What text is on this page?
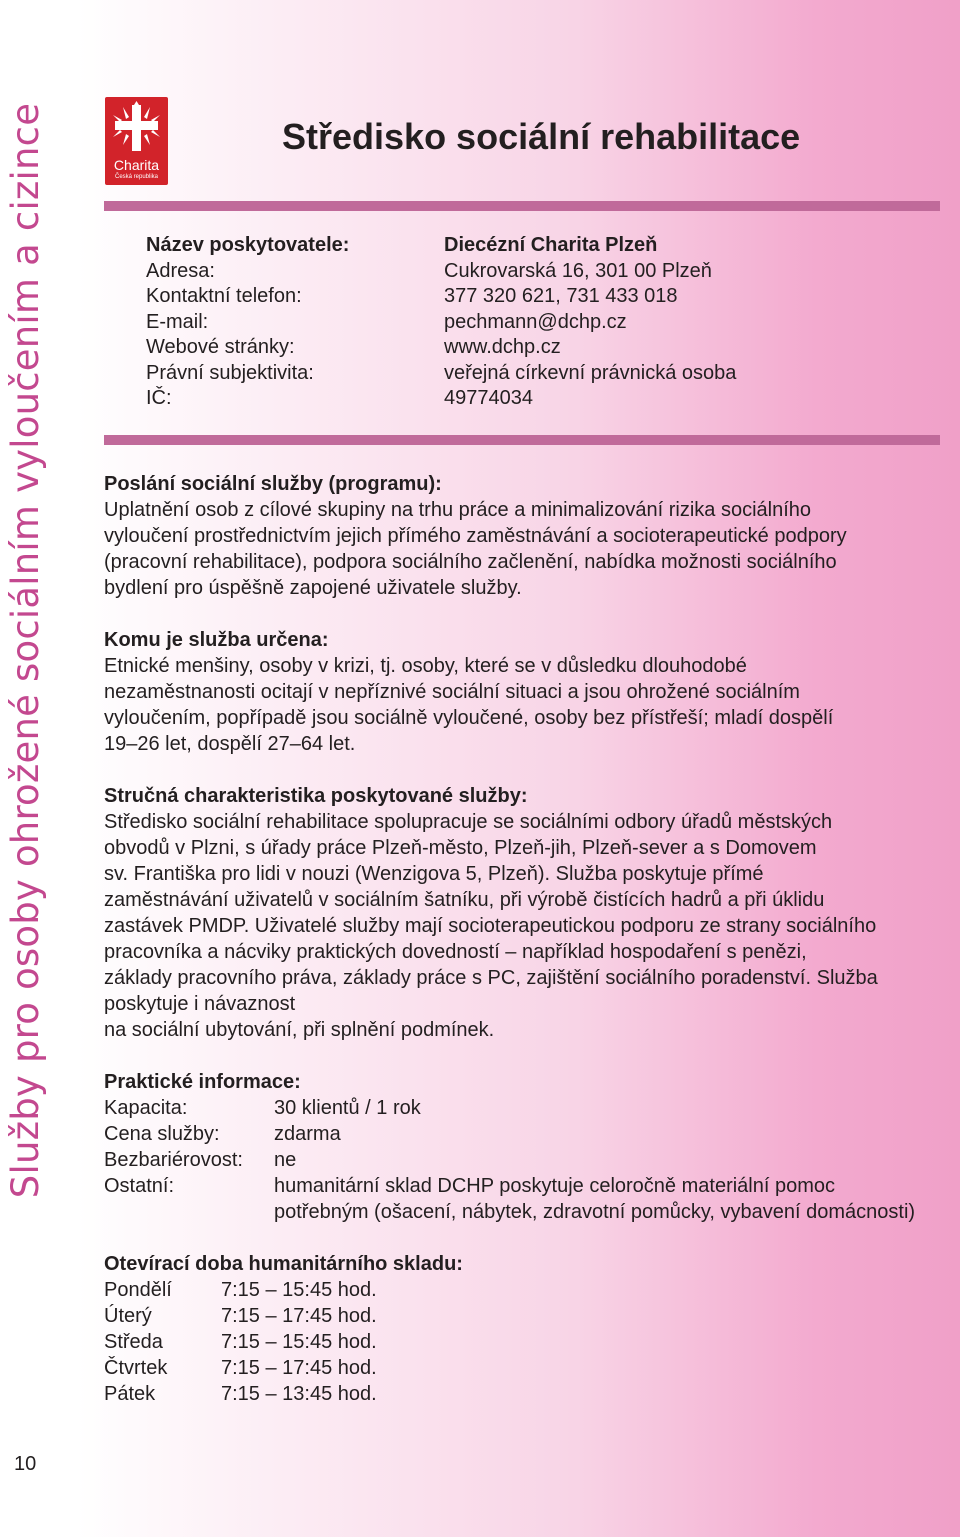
Služby pro osoby ohrožené sociálním vyloučením a cizince
10
Charita
Česká republika
Středisko sociální rehabilitace
Název poskytovatele:	Diecézní Charita Plzeň
Adresa:	Cukrovarská 16, 301 00 Plzeň
Kontaktní telefon:	377 320 621, 731 433 018
E-mail:	pechmann@dchp.cz
Webové stránky:	www.dchp.cz
Právní subjektivita:	veřejná církevní právnická osoba
IČ:	49774034
Poslání sociální služby (programu):
Uplatnění osob z cílové skupiny na trhu práce a minimalizování rizika sociálního
vyloučení prostřednictvím jejich přímého zaměstnávání a socioterapeutické podpory
(pracovní rehabilitace), podpora sociálního začlenění, nabídka možnosti sociálního
bydlení pro úspěšně zapojené uživatele služby.
Komu je služba určena:
Etnické menšiny, osoby v krizi, tj. osoby, které se v důsledku dlouhodobé
nezaměstnanosti ocitají v nepříznivé sociální situaci a jsou ohrožené sociálním
vyloučením, popřípadě jsou sociálně vyloučené, osoby bez přístřeší; mladí dospělí
19–26 let, dospělí 27–64 let.
Stručná charakteristika poskytované služby:
Středisko sociální rehabilitace spolupracuje se sociálními odbory úřadů městských
obvodů v Plzni, s úřady práce Plzeň-město, Plzeň-jih, Plzeň-sever a s Domovem
sv. Františka pro lidi v nouzi (Wenzigova 5, Plzeň). Služba poskytuje přímé
zaměstnávání uživatelů v sociálním šatníku, při výrobě čistících hadrů a při úklidu
zastávek PMDP. Uživatelé služby mají socioterapeutickou podporu ze strany sociálního
pracovníka a nácviky praktických dovedností – například hospodaření s penězi,
základy pracovního práva, základy práce s PC, zajištění sociálního poradenství. Služba
poskytuje i návaznost
na sociální ubytování, při splnění podmínek.
Praktické informace:
Kapacita:	30 klientů / 1 rok
Cena služby:	zdarma
Bezbariérovost: ne
Ostatní:	humanitární sklad DCHP poskytuje celoročně materiální pomoc
potřebným (ošacení, nábytek, zdravotní pomůcky, vybavení domácnosti)
Otevírací doba humanitárního skladu:
Pondělí 7:15 – 15:45 hod.
Úterý	7:15 – 17:45 hod.
Středa	7:15 – 15:45 hod.
Čtvrtek	7:15 – 17:45 hod.
Pátek	7:15 – 13:45 hod.
